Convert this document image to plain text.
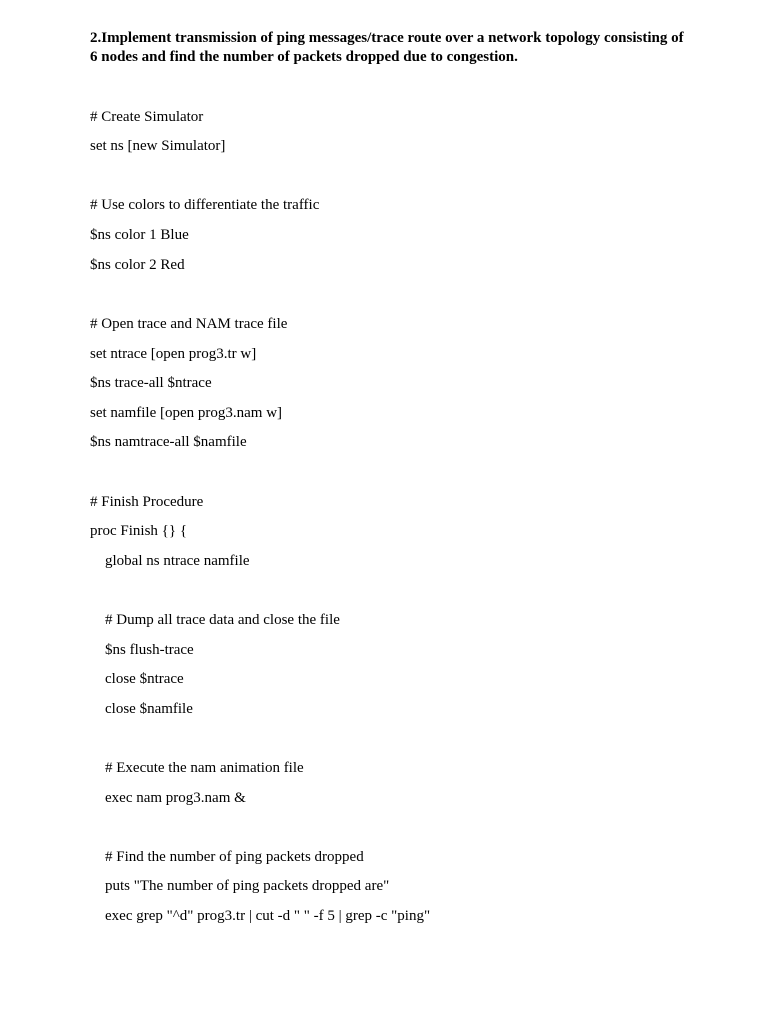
2.Implement transmission of ping messages/trace route over a network topology consisting of 6 nodes and find the number of packets dropped due to congestion.

# Create Simulator

set ns [new Simulator]

# Use colors to differentiate the traffic

$ns color 1 Blue

$ns color 2 Red

# Open trace and NAM trace file

set ntrace [open prog3.tr w]

$ns trace-all $ntrace

set namfile [open prog3.nam w]

$ns namtrace-all $namfile

# Finish Procedure

proc Finish {} {

global ns ntrace namfile

# Dump all trace data and close the file

$ns flush-trace

close $ntrace

close $namfile

# Execute the nam animation file

exec nam prog3.nam &

# Find the number of ping packets dropped

puts "The number of ping packets dropped are"

exec grep "^d" prog3.tr | cut -d " " -f 5 | grep -c "ping"
